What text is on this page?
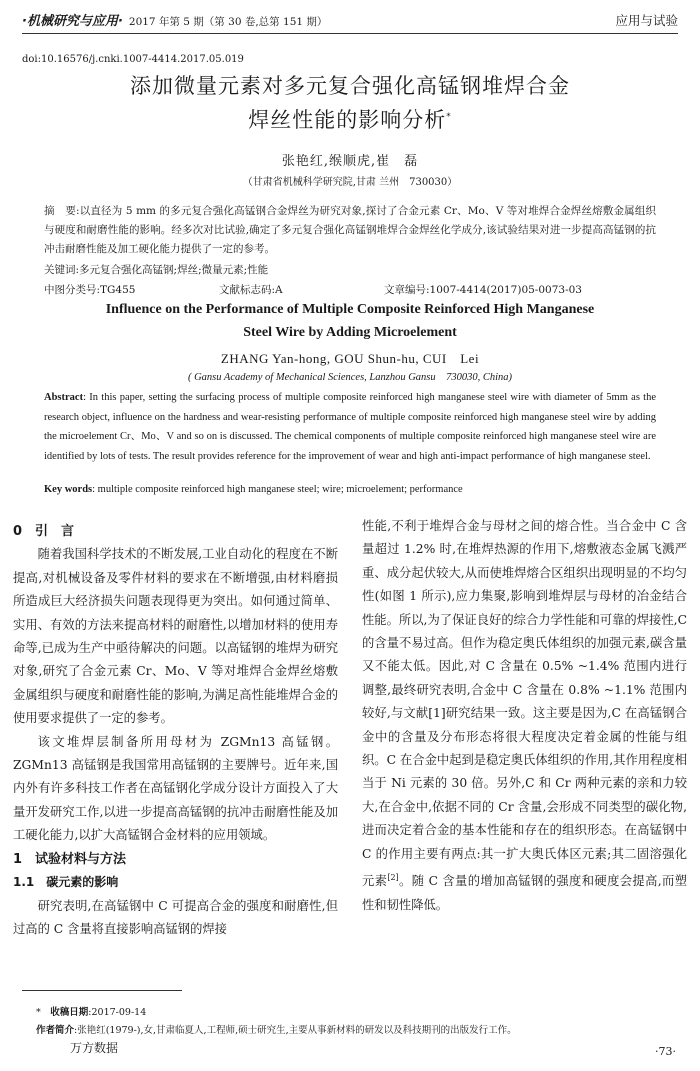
·机械研究与应用· 2017 年第 5 期（第 30 卷,总第 151 期）	应用与试验
doi:10.16576/j.cnki.1007-4414.2017.05.019
添加微量元素对多元复合强化高锰钢堆焊合金
焊丝性能的影响分析*
张艳红,缑顺虎,崔　磊
（甘肃省机械科学研究院,甘肃 兰州　730030）
摘　要:以直径为 5 mm 的多元复合强化高锰钢合金焊丝为研究对象,探讨了合金元素 Cr、Mo、V 等对堆焊合金焊丝熔敷金属组织与硬度和耐磨性能的影响。经多次对比试验,确定了多元复合强化高锰钢堆焊合金焊丝化学成分,该试验结果对进一步提高高锰钢的抗冲击耐磨性能及加工硬化能力提供了一定的参考。
关键词:多元复合强化高锰钢;焊丝;微量元素;性能
中图分类号:TG455	文献标志码:A	文章编号:1007-4414(2017)05-0073-03
Influence on the Performance of Multiple Composite Reinforced High Manganese
Steel Wire by Adding Microelement
ZHANG Yan-hong, GOU Shun-hu, CUI　Lei
( Gansu Academy of Mechanical Sciences, Lanzhou Gansu　730030, China)
Abstract: In this paper, setting the surfacing process of multiple composite reinforced high manganese steel wire with diameter of 5mm as the research object, influence on the hardness and wear-resisting performance of multiple composite reinforced high manganese steel wire by adding the microelement Cr、Mo、V and so on is discussed. The chemical components of multiple composite reinforced high manganese steel wire are identified by lots of tests. The result provides reference for the improvement of wear and high anti-impact performance of high manganese steel.
Key words: multiple composite reinforced high manganese steel; wire; microelement; performance
0　引　言
随着我国科学技术的不断发展,工业自动化的程度在不断提高,对机械设备及零件材料的要求在不断增强,由材料磨损所造成巨大经济损失问题表现得更为突出。如何通过简单、实用、有效的方法来提高材料的耐磨性,以增加材料的使用寿命等,已成为生产中亟待解决的问题。以高锰钢的堆焊为研究对象,研究了合金元素 Cr、Mo、V 等对堆焊合金焊丝熔敷金属组织与硬度和耐磨性能的影响,为满足高性能堆焊合金的使用要求提供了一定的参考。
该文堆焊层制备所用母材为 ZGMn13 高锰钢。ZGMn13 高锰钢是我国常用高锰钢的主要牌号。近年来,国内外有许多科技工作者在高锰钢化学成分设计方面投入了大量开发研究工作,以进一步提高高锰钢的抗冲击耐磨性能及加工硬化能力,以扩大高锰钢合金材料的应用领域。
1　试验材料与方法
1.1　碳元素的影响
研究表明,在高锰钢中 C 可提高合金的强度和耐磨性,但过高的 C 含量将直接影响高锰钢的焊接
性能,不利于堆焊合金与母材之间的熔合性。当合金中 C 含量超过 1.2% 时,在堆焊热源的作用下,熔敷液态金属飞溅严重、成分起伏较大,从而使堆焊熔合区组织出现明显的不均匀性(如图 1 所示),应力集聚,影响到堆焊层与母材的冶金结合性能。所以,为了保证良好的综合力学性能和可靠的焊接性,C 的含量不易过高。但作为稳定奥氏体组织的加强元素,碳含量又不能太低。因此,对 C 含量在 0.5% ~1.4% 范围内进行调整,最终研究表明,合金中 C 含量在 0.8% ~1.1% 范围内较好,与文献[1]研究结果一致。这主要是因为,C 在高锰钢合金中的含量及分布形态将很大程度决定着金属的性能与组织。C 在合金中起到是稳定奥氏体组织的作用,其作用程度相当于 Ni 元素的 30 倍。另外,C 和 Cr 两种元素的亲和力较大,在合金中,依据不同的 Cr 含量,会形成不同类型的碳化物,进而决定着合金的基本性能和存在的组织形态。在高锰钢中 C 的作用主要有两点:其一扩大奥氏体区元素;其二固溶强化元素[2]。随 C 含量的增加高锰钢的强度和硬度会提高,而塑性和韧性降低。
*　 收稿日期:2017-09-14
作者简介:张艳红(1979-),女,甘肃临夏人,工程师,硕士研究生,主要从事新材料的研发以及科技期刊的出版发行工作。
万方数据	·73·
